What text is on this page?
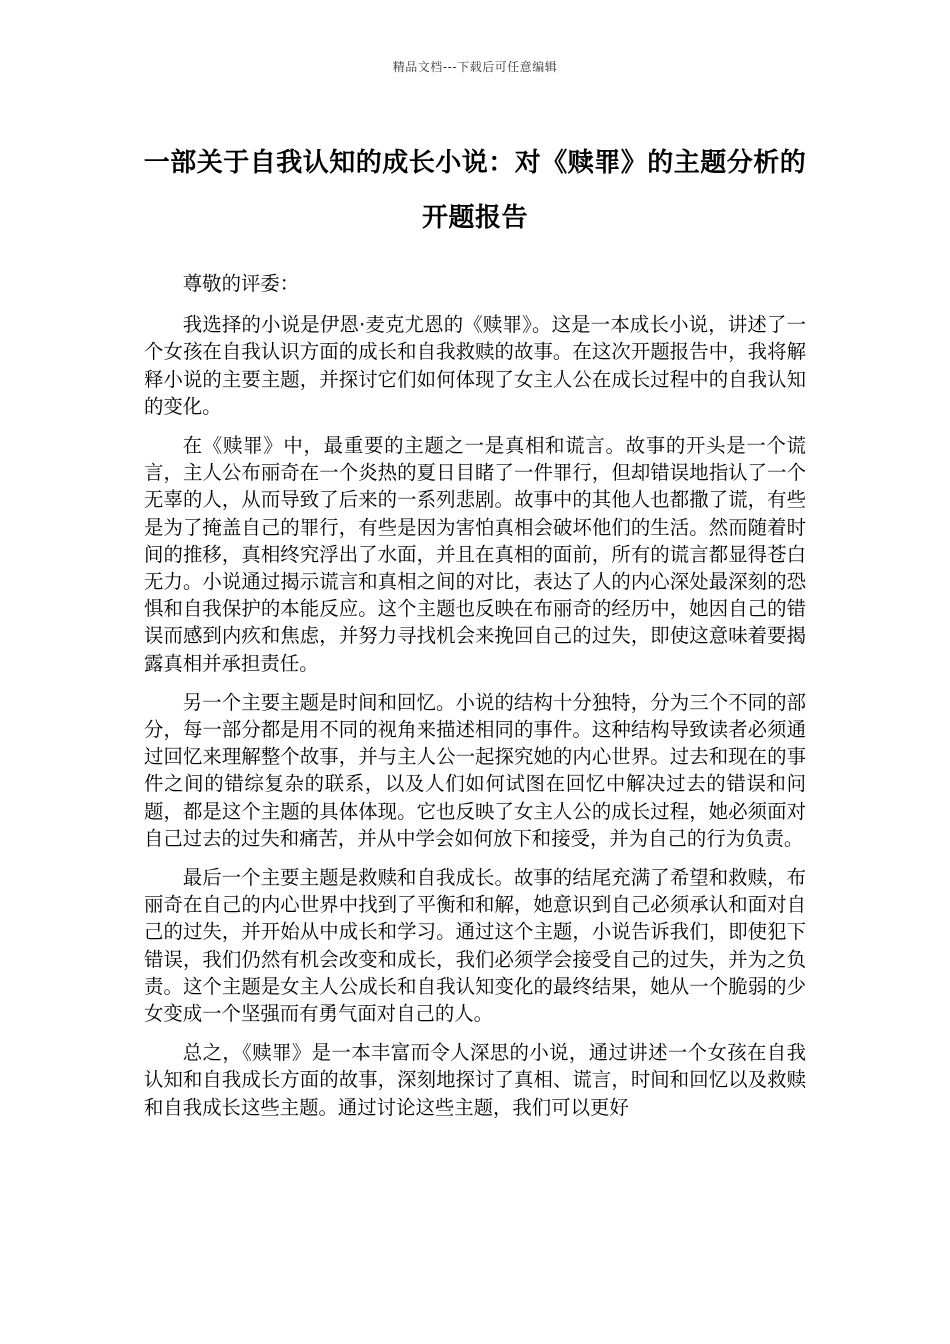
精品文档---下载后可任意编辑
一部关于自我认知的成长小说：对《赎罪》的主题分析的开题报告

尊敬的评委：

我选择的小说是伊恩·麦克尤恩的《赎罪》。这是一本成长小说，讲述了一个女孩在自我认识方面的成长和自我救赎的故事。在这次开题报告中，我将解释小说的主要主题，并探讨它们如何体现了女主人公在成长过程中的自我认知的变化。

在《赎罪》中，最重要的主题之一是真相和谎言。故事的开头是一个谎言，主人公布丽奇在一个炎热的夏日目睹了一件罪行，但却错误地指认了一个无辜的人，从而导致了后来的一系列悲剧。故事中的其他人也都撒了谎，有些是为了掩盖自己的罪行，有些是因为害怕真相会破坏他们的生活。然而随着时间的推移，真相终究浮出了水面，并且在真相的面前，所有的谎言都显得苍白无力。小说通过揭示谎言和真相之间的对比，表达了人的内心深处最深刻的恐惧和自我保护的本能反应。这个主题也反映在布丽奇的经历中，她因自己的错误而感到内疚和焦虑，并努力寻找机会来挽回自己的过失，即使这意味着要揭露真相并承担责任。

另一个主要主题是时间和回忆。小说的结构十分独特，分为三个不同的部分，每一部分都是用不同的视角来描述相同的事件。这种结构导致读者必须通过回忆来理解整个故事，并与主人公一起探究她的内心世界。过去和现在的事件之间的错综复杂的联系，以及人们如何试图在回忆中解决过去的错误和问题，都是这个主题的具体体现。它也反映了女主人公的成长过程，她必须面对自己过去的过失和痛苦，并从中学会如何放下和接受，并为自己的行为负责。

最后一个主要主题是救赎和自我成长。故事的结尾充满了希望和救赎，布丽奇在自己的内心世界中找到了平衡和和解，她意识到自己必须承认和面对自己的过失，并开始从中成长和学习。通过这个主题，小说告诉我们，即使犯下错误，我们仍然有机会改变和成长，我们必须学会接受自己的过失，并为之负责。这个主题是女主人公成长和自我认知变化的最终结果，她从一个脆弱的少女变成一个坚强而有勇气面对自己的人。

总之，《赎罪》是一本丰富而令人深思的小说，通过讲述一个女孩在自我认知和自我成长方面的故事，深刻地探讨了真相、谎言，时间和回忆以及救赎和自我成长这些主题。通过讨论这些主题，我们可以更好
